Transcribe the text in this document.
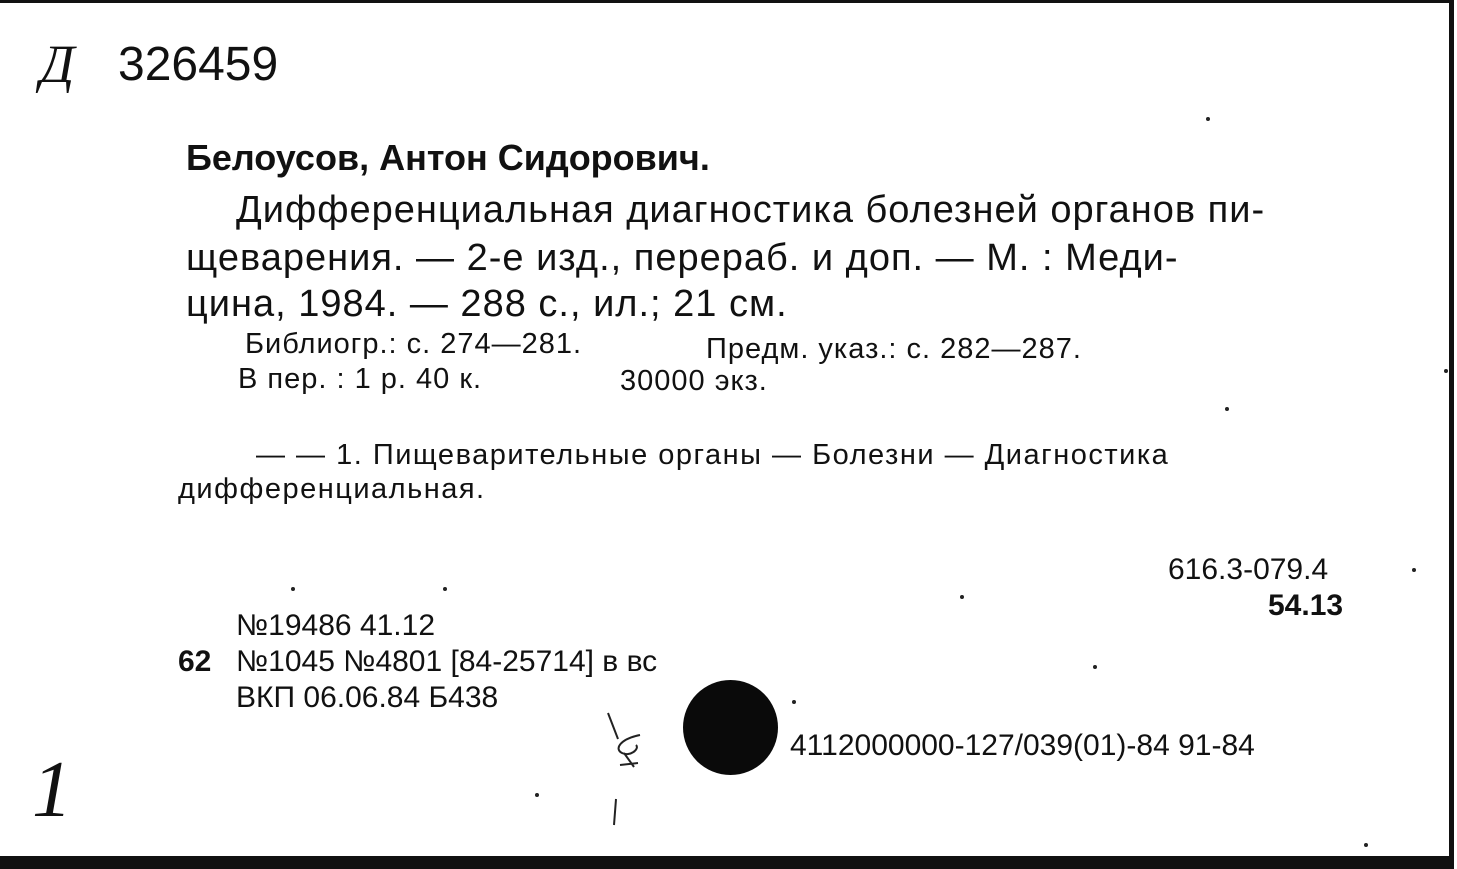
Д 326459
Белоусов, Антон Сидорович.
Дифференциальная диагностика болезней органов пи-
щеварения. — 2-е изд., перераб. и доп. — М. : Меди-
цина, 1984. — 288 с., ил.; 21 см.
Библиогр.: с. 274—281.	Предм. указ.: с. 282—287.
В пер. : 1 р. 40 к.	30000 экз.
— — 1. Пищеварительные органы — Болезни — Диагностика
дифференциальная.
616.3-079.4
54.13
№19486 41.12
62 №1045 №4801 [84-25714] в вс
ВКП 06.06.84 Б438
4112000000-127/039(01)-84 91-84
1
